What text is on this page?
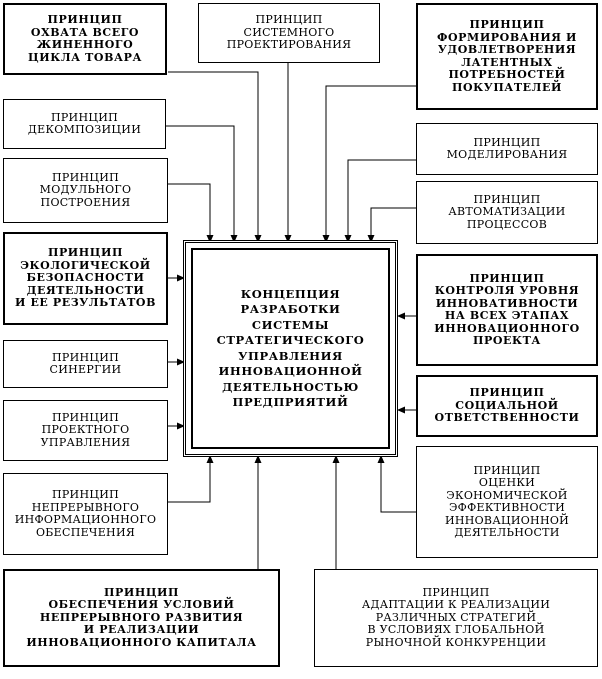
ПРИНЦИП
ОХВАТА ВСЕГО
ЖИНЕННОГО
ЦИКЛА ТОВАРА
ПРИНЦИП
ДЕКОМПОЗИЦИИ
ПРИНЦИП
МОДУЛЬНОГО
ПОСТРОЕНИЯ
ПРИНЦИП
ЭКОЛОГИЧЕСКОЙ
БЕЗОПАСНОСТИ
ДЕЯТЕЛЬНОСТИ
И ЕЕ РЕЗУЛЬТАТОВ
ПРИНЦИП
СИНЕРГИИ
ПРИНЦИП
ПРОЕКТНОГО
УПРАВЛЕНИЯ
ПРИНЦИП
НЕПРЕРЫВНОГО
ИНФОРМАЦИОННОГО
ОБЕСПЕЧЕНИЯ
ПРИНЦИП
СИСТЕМНОГО
ПРОЕКТИРОВАНИЯ
ПРИНЦИП
ФОРМИРОВАНИЯ И
УДОВЛЕТВОРЕНИЯ
ЛАТЕНТНЫХ
ПОТРЕБНОСТЕЙ
ПОКУПАТЕЛЕЙ
ПРИНЦИП
МОДЕЛИРОВАНИЯ
ПРИНЦИП
АВТОМАТИЗАЦИИ
ПРОЦЕССОВ
ПРИНЦИП
КОНТРОЛЯ УРОВНЯ
ИННОВАТИВНОСТИ
НА ВСЕХ ЭТАПАХ
ИННОВАЦИОННОГО
ПРОЕКТА
ПРИНЦИП
СОЦИАЛЬНОЙ
ОТВЕТСТВЕННОСТИ
ПРИНЦИП
ОЦЕНКИ
ЭКОНОМИЧЕСКОЙ
ЭФФЕКТИВНОСТИ
ИННОВАЦИОННОЙ
ДЕЯТЕЛЬНОСТИ
ПРИНЦИП
ОБЕСПЕЧЕНИЯ УСЛОВИЙ
НЕПРЕРЫВНОГО РАЗВИТИЯ
И РЕАЛИЗАЦИИ
ИННОВАЦИОННОГО КАПИТАЛА
ПРИНЦИП
АДАПТАЦИИ К РЕАЛИЗАЦИИ
РАЗЛИЧНЫХ СТРАТЕГИЙ
В УСЛОВИЯХ ГЛОБАЛЬНОЙ
РЫНОЧНОЙ КОНКУРЕНЦИИ
КОНЦЕПЦИЯ
РАЗРАБОТКИ
СИСТЕМЫ
СТРАТЕГИЧЕСКОГО
УПРАВЛЕНИЯ
ИННОВАЦИОННОЙ
ДЕЯТЕЛЬНОСТЬЮ
ПРЕДПРИЯТИЙ
